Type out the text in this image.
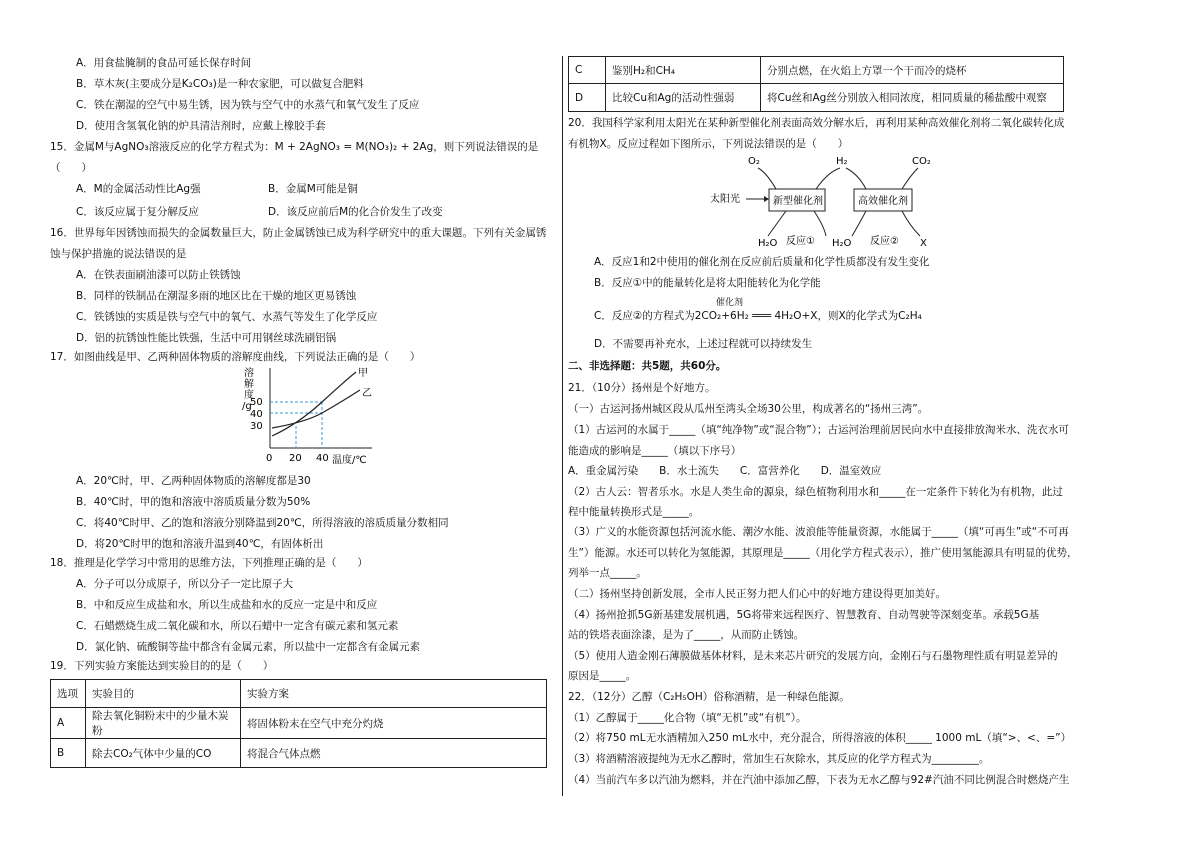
A．用食盐腌制的食品可延长保存时间
B．草木灰(主要成分是K₂CO₃)是一种农家肥，可以做复合肥料
C．铁在潮湿的空气中易生锈，因为铁与空气中的水蒸气和氧气发生了反应
D．使用含氢氧化钠的炉具清洁剂时，应戴上橡胶手套
15．金属M与AgNO₃溶液反应的化学方程式为：M + 2AgNO₃ = M(NO₃)₂ + 2Ag，则下列说法错误的是
（　　）
A．M的金属活动性比Ag强	B．金属M可能是铜
C．该反应属于复分解反应	D．该反应前后M的化合价发生了改变
16．世界每年因锈蚀而损失的金属数量巨大，防止金属锈蚀已成为科学研究中的重大课题。下列有关金属锈
蚀与保护措施的说法错误的是
A．在铁表面刷油漆可以防止铁锈蚀
B．同样的铁制品在潮湿多雨的地区比在干燥的地区更易锈蚀
C．铁锈蚀的实质是铁与空气中的氧气、水蒸气等发生了化学反应
D．铝的抗锈蚀性能比铁强，生活中可用钢丝球洗刷铝锅
17．如图曲线是甲、乙两种固体物质的溶解度曲线，下列说法正确的是（　　）
溶
解
度
/g
50
40
30
0 20 40 温度/℃
甲
乙
A．20℃时，甲、乙两种固体物质的溶解度都是30
B．40℃时，甲的饱和溶液中溶质质量分数为50%
C．将40℃时甲、乙的饱和溶液分别降温到20℃，所得溶液的溶质质量分数相同
D．将20℃时甲的饱和溶液升温到40℃，有固体析出
18．推理是化学学习中常用的思维方法，下列推理正确的是（　　）
A．分子可以分成原子，所以分子一定比原子大
B．中和反应生成盐和水，所以生成盐和水的反应一定是中和反应
C．石蜡燃烧生成二氧化碳和水，所以石蜡中一定含有碳元素和氢元素
D．氯化钠、硫酸铜等盐中都含有金属元素，所以盐中一定都含有金属元素
19．下列实验方案能达到实验目的的是（　　）
选项	实验目的	实验方案
A	除去氧化铜粉末中的少量木炭粉	将固体粉末在空气中充分灼烧
B	除去CO₂气体中少量的CO	将混合气体点燃
C	鉴别H₂和CH₄	分别点燃，在火焰上方罩一个干而冷的烧杯
D	比较Cu和Ag的活动性强弱	将Cu丝和Ag丝分别放入相同浓度，相同质量的稀盐酸中观察
20．我国科学家利用太阳光在某种新型催化剂表面高效分解水后，再利用某种高效催化剂将二氧化碳转化成
有机物X。反应过程如下图所示，下列说法错误的是（　　）
O₂	H₂	CO₂
太阳光	新型催化剂	高效催化剂
H₂O 反应① H₂O 反应② X
A．反应1和2中使用的催化剂在反应前后质量和化学性质都没有发生变化
B．反应①中的能量转化是将太阳能转化为化学能
催化剂
C．反应②的方程式为2CO₂+6H₂ ═══ 4H₂O+X，则X的化学式为C₂H₄
D．不需要再补充水，上述过程就可以持续发生
二、非选择题：共5题，共60分。
21．（10分）扬州是个好地方。
（一）古运河扬州城区段从瓜州至湾头全场30公里，构成著名的“扬州三湾”。
（1）古运河的水属于_____（填“纯净物”或“混合物”）；古运河治理前居民向水中直接排放淘米水、洗衣水可
能造成的影响是_____（填以下序号）
A．重金属污染　　B．水土流失　　C．富营养化　　D．温室效应
（2）古人云：智者乐水。水是人类生命的源泉，绿色植物利用水和_____在一定条件下转化为有机物，此过
程中能量转换形式是_____。
（3）广义的水能资源包括河流水能、潮汐水能、波浪能等能量资源，水能属于_____（填“可再生”或“不可再
生”）能源。水还可以转化为氢能源，其原理是_____（用化学方程式表示），推广使用氢能源具有明显的优势，
列举一点_____。
（二）扬州坚持创新发展，全市人民正努力把人们心中的好地方建设得更加美好。
（4）扬州抢抓5G新基建发展机遇，5G将带来远程医疗、智慧教育、自动驾驶等深刻变革。承载5G基
站的铁塔表面涂漆，是为了_____，从而防止锈蚀。
（5）使用人造金刚石薄膜做基体材料，是未来芯片研究的发展方向，金刚石与石墨物理性质有明显差异的
原因是_____。
22．（12分）乙醇（C₂H₅OH）俗称酒精，是一种绿色能源。
（1）乙醇属于_____化合物（填“无机”或“有机”）。
（2）将750 mL无水酒精加入250 mL水中，充分混合，所得溶液的体积_____ 1000 mL（填“>、<、=”）
（3）将酒精溶液提纯为无水乙醇时，常加生石灰除水，其反应的化学方程式为_________。
（4）当前汽车多以汽油为燃料，并在汽油中添加乙醇，下表为无水乙醇与92#汽油不同比例混合时燃烧产生
